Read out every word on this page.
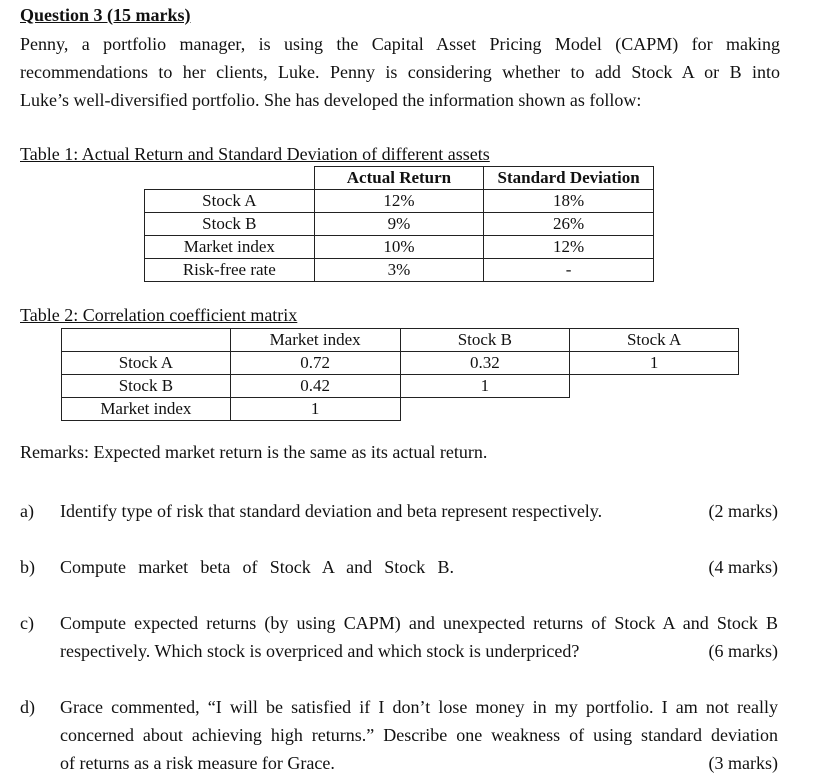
Question 3 (15 marks)
Penny, a portfolio manager, is using the Capital Asset Pricing Model (CAPM) for making
recommendations to her clients, Luke. Penny is considering whether to add Stock A or B into
Luke’s well-diversified portfolio. She has developed the information shown as follow:
Table 1: Actual Return and Standard Deviation of different assets
	Actual Return	Standard Deviation
Stock A	12%	18%
Stock B	9%	26%
Market index	10%	12%
Risk-free rate	3%	-
Table 2: Correlation coefficient matrix
	Market index	Stock B	Stock A
Stock A	0.72	0.32	1
Stock B	0.42	1	
Market index	1		
Remarks: Expected market return is the same as its actual return.
a) Identify type of risk that standard deviation and beta represent respectively.	(2 marks)
b) Compute market beta of Stock A and Stock B.	(4 marks)
c) Compute expected returns (by using CAPM) and unexpected returns of Stock A and Stock B
respectively. Which stock is overpriced and which stock is underpriced?	(6 marks)
d) Grace commented, “I will be satisfied if I don’t lose money in my portfolio. I am not really
concerned about achieving high returns.” Describe one weakness of using standard deviation
of returns as a risk measure for Grace.	(3 marks)
